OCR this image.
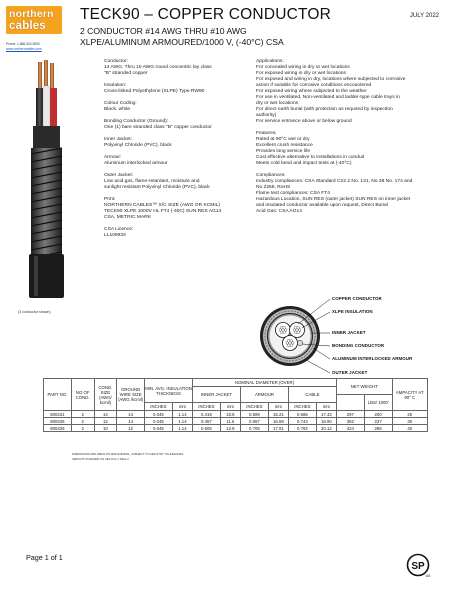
northern
cables
Phone: 1-866-524-5050
www.northerncables.com
TECK90 – COPPER CONDUCTOR	JULY 2022
2 CONDUCTOR #14 AWG THRU #10 AWG
XLPE/ALUMINUM ARMOURED/1000 V, (-40°C) CSA
(3 conductor shown)
Conductor:
14 AWG. Thru 10 AWG.round concentric lay class
"B" stranded copper
Insulation:
Cross-linked Polyethylene (XLPE) Type RW90
Colour Coding:
Black, white
Bonding Conductor (Ground):
One (1) bare stranded class "B" copper conductor
Inner Jacket:
Polyvinyl Chloride (PVC), black
Armour:
Aluminum interlocked armour
Outer Jacket:
Low acid gas, flame-retardant, moisture and
sunlight resistant Polyvinyl Chloride (PVC), black
Print:
NORTHERN CABLES™ X/C SIZE (AWG OR KCMIL)
TECK90 XLPE 1000V HL FT4 (-40C) SUN RES AG14
CSA, METRIC MARK
CSA Licence:
LL109933
Applications:
For concealed wiring in dry or wet locations
For exposed wiring in dry or wet locations
For exposed and wiring in dry, locations where subjected to corrosive
action if suitable for corrosive conditions encountered
For exposed wiring where subjected to the weather
For use in ventilated, Non-ventilated and ladder-type cable trays in
dry or wet locations
For direct earth burial (with protection as required by inspection
authority)
For service entrance above or below ground
Features:
Rated at 90°C wet or dry
Excellent crush resistance
Provides long service life
Cost effective alternative to installations in conduit
Meets cold bend and impact tests at (-40°C)
Compliances:
Industry compliances: CSA Standard C22.2 No. 131, No.38 No. 174 and
No.2256, RoHS
Flame test compliances: CSA FT4
Hazardous Location, SUN RES (outer jacket) SUN RES on inner jacket
and insulated conductor available upon request, Direct Burial
Acid Gas: CSA AG14
COPPER CONDUCTOR
XLPE INSULATION
INNER JACKET
BONDING CONDUCTOR
ALUMINUM INTERLOCKED ARMOUR
OUTER JACKET
PART NO.	NO OF COND.	COND. SIZE (AWG/ kcmil)	GROUND WIRE SIZE (AWG /kcmil)	MIN. AVG. INSULATION THICKNESS		NOMINAL DIAMETER (OVER)						NET WEIGHT		AMPACITY AT 90° C
						INNER JACKET		ARMOUR		CABLE				
													LBS/ 1000'	
				INCHES	mm	INCHES	mm	INCHES	mm	INCHES	mm			
800431	2	14	14	0.045	1.14	0.419	10.6	0.599	15.21	0.686	17.42	297	200	25
800428	2	12	14	0.045	1.14	0.457	11.6	0.657	16.69	0.744	18.90	352	237	30
800426	2	10	12	0.045	1.14	0.505	12.8	0.705	17.91	0.792	20.12	424	285	40
DIMENSIONS AND WEIGHTS ARE NOMINAL, SUBJECT TO INDUSTRY TOLERANCES
AMPACITYIS BASED ON CEC Part 1 Table 2
Page 1 of 1
SP
US
